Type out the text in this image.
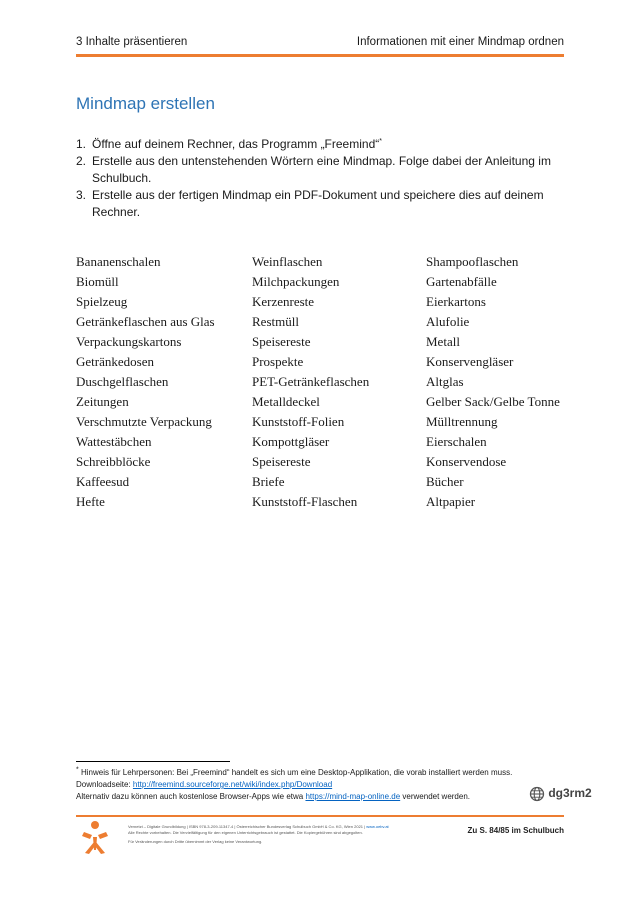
3 Inhalte präsentieren	Informationen mit einer Mindmap ordnen
Mindmap erstellen
1. Öffne auf deinem Rechner, das Programm „Freemind“*
2. Erstelle aus den untenstehenden Wörtern eine Mindmap. Folge dabei der Anleitung im Schulbuch.
3. Erstelle aus der fertigen Mindmap ein PDF-Dokument und speichere dies auf deinem Rechner.
Bananenschalen
Biomüll
Spielzeug
Getränkeflaschen aus Glas
Verpackungskartons
Getränkedosen
Duschgelflaschen
Zeitungen
Verschmutzte Verpackung
Wattestäbchen
Schreibblöcke
Kaffeesud
Hefte
Weinflaschen
Milchpackungen
Kerzenreste
Restmüll
Speisereste
Prospekte
PET-Getränkeflaschen
Metalldeckel
Kunststoff-Folien
Kompottgläser
Speisereste
Briefe
Kunststoff-Flaschen
Shampooflaschen
Gartenabfälle
Eierkartons
Alufolie
Metall
Konservengläser
Altglas
Gelber Sack/Gelbe Tonne
Mülltrennung
Eierschalen
Konservendose
Bücher
Altpapier
* Hinweis für Lehrpersonen: Bei „Freemind“ handelt es sich um eine Desktop-Applikation, die vorab installiert werden muss.
Downloadseite: http://freemind.sourceforge.net/wiki/index.php/Download
Alternativ dazu können auch kostenlose Browser-Apps wie etwa https://mind-map-online.de verwendet werden.	dg3rm2
Vernetzt – Digitale Grundbildung | ISBN 978-3-209-11347-4 | Österreichischer Bundesverlag Schulbuch GmbH & Co. KG, Wien 2021 | www.oebv.at
Alle Rechte vorbehalten. Die Vervielfältigung für den eigenen Unterrichtsgebrauch ist gestattet. Die Kopiergebühren sind abgegolten.
Für Veränderungen durch Dritte übernimmt der Verlag keine Verantwortung.
Zu S. 84/85 im Schulbuch
